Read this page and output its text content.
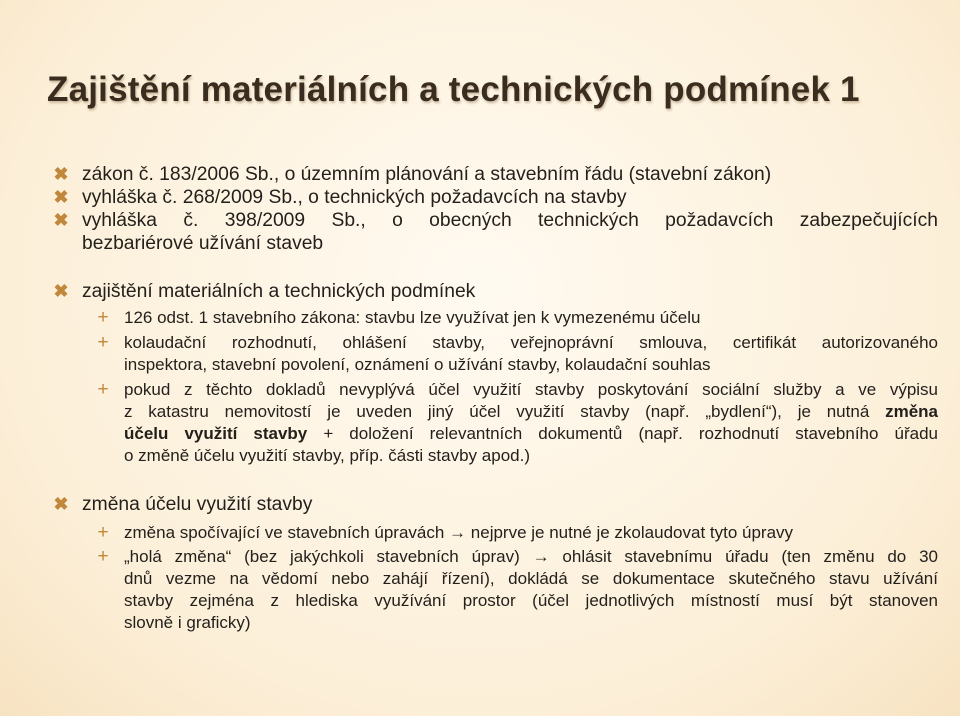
Zajištění materiálních a technických podmínek 1
✖ zákon č. 183/2006 Sb., o územním plánování a stavebním řádu (stavební zákon)
✖ vyhláška č. 268/2009 Sb., o technických požadavcích na stavby
✖ vyhláška č. 398/2009 Sb., o obecných technických požadavcích zabezpečujících
bezbariérové užívání staveb
✖ zajištění materiálních a technických podmínek
+ 126 odst. 1 stavebního zákona: stavbu lze využívat jen k vymezenému účelu
+ kolaudační rozhodnutí, ohlášení stavby, veřejnoprávní smlouva, certifikát autorizovaného
inspektora, stavební povolení, oznámení o užívání stavby, kolaudační souhlas
+ pokud z těchto dokladů nevyplývá účel využití stavby poskytování sociální služby a ve výpisu
z katastru nemovitostí je uveden jiný účel využití stavby (např. „bydlení“), je nutná změna
účelu využití stavby + doložení relevantních dokumentů (např. rozhodnutí stavebního úřadu
o změně účelu využití stavby, příp. části stavby apod.)
✖ změna účelu využití stavby
+ změna spočívající ve stavebních úpravách → nejprve je nutné je zkolaudovat tyto úpravy
+ „holá změna“ (bez jakýchkoli stavebních úprav) → ohlásit stavebnímu úřadu (ten změnu do 30
dnů vezme na vědomí nebo zahájí řízení), dokládá se dokumentace skutečného stavu užívání
stavby zejména z hlediska využívání prostor (účel jednotlivých místností musí být stanoven
slovně i graficky)
